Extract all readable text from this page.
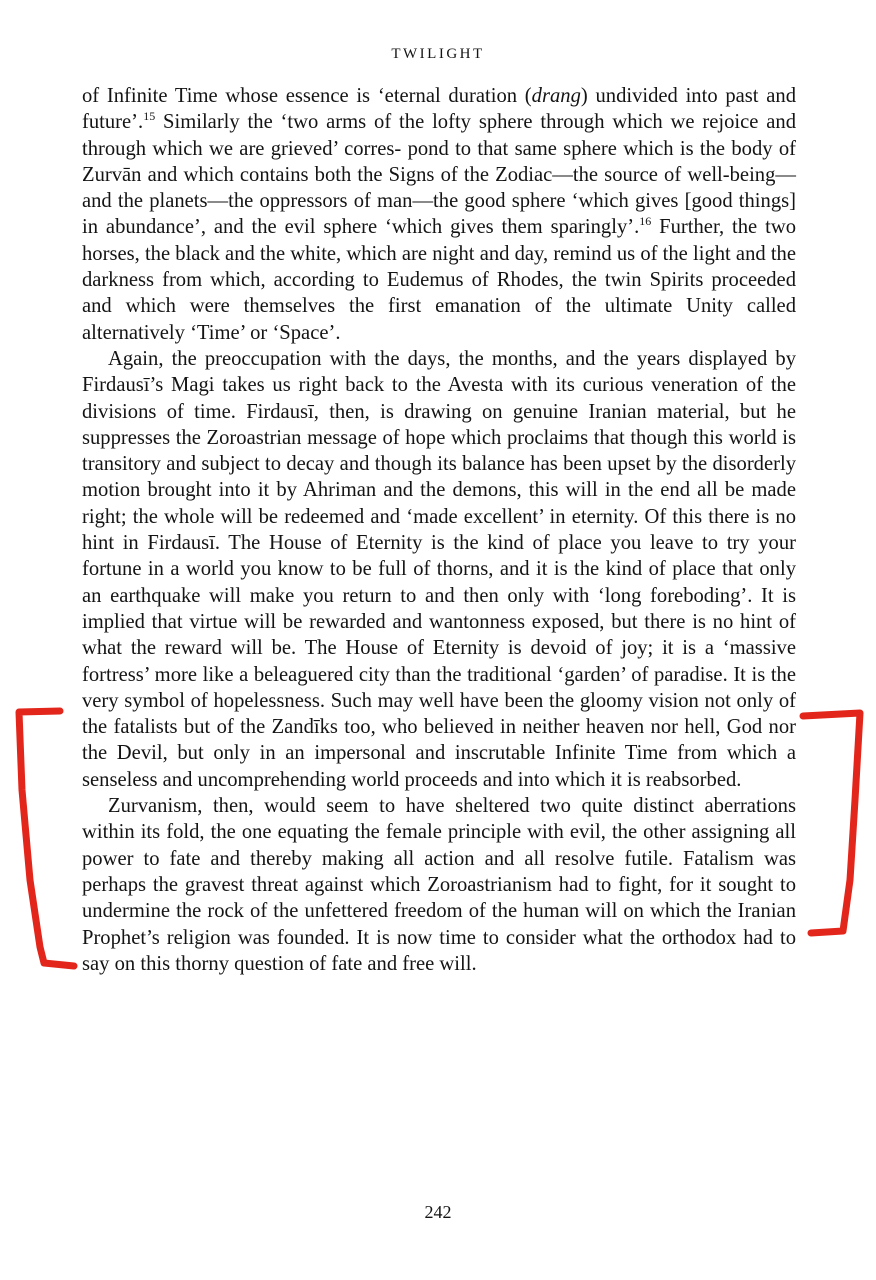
TWILIGHT

of Infinite Time whose essence is ‘eternal duration (drang) undivided into past and future’.$^{15}$ Similarly the ‘two arms of the lofty sphere through which we rejoice and through which we are grieved’ corres- pond to that same sphere which is the body of Zurvān and which contains both the Signs of the Zodiac—the source of well-being—and the planets—the oppressors of man—the good sphere ‘which gives [good things] in abundance’, and the evil sphere ‘which gives them sparingly’.$^{16}$ Further, the two horses, the black and the white, which are night and day, remind us of the light and the darkness from which, according to Eudemus of Rhodes, the twin Spirits proceeded and which were themselves the first emanation of the ultimate Unity called alternatively ‘Time’ or ‘Space’.

Again, the preoccupation with the days, the months, and the years displayed by Firdausī’s Magi takes us right back to the Avesta with its curious veneration of the divisions of time. Firdausī, then, is drawing on genuine Iranian material, but he suppresses the Zoroastrian message of hope which proclaims that though this world is transitory and subject to decay and though its balance has been upset by the disorderly motion brought into it by Ahriman and the demons, this will in the end all be made right; the whole will be redeemed and ‘made excellent’ in eternity. Of this there is no hint in Firdausī. The House of Eternity is the kind of place you leave to try your fortune in a world you know to be full of thorns, and it is the kind of place that only an earthquake will make you return to and then only with ‘long foreboding’. It is implied that virtue will be rewarded and wantonness exposed, but there is no hint of what the reward will be. The House of Eternity is devoid of joy; it is a ‘massive fortress’ more like a beleaguered city than the traditional ‘garden’ of paradise. It is the very symbol of hopelessness. Such may well have been the gloomy vision not only of the fatalists but of the Zandīks too, who believed in neither heaven nor hell, God nor the Devil, but only in an impersonal and inscrutable Infinite Time from which a senseless and uncomprehending world proceeds and into which it is reabsorbed.

Zurvanism, then, would seem to have sheltered two quite distinct aberrations within its fold, the one equating the female principle with evil, the other assigning all power to fate and thereby making all action and all resolve futile. Fatalism was perhaps the gravest threat against which Zoroastrianism had to fight, for it sought to undermine the rock of the unfettered freedom of the human will on which the Iranian Prophet’s religion was founded. It is now time to consider what the orthodox had to say on this thorny question of fate and free will.

242
